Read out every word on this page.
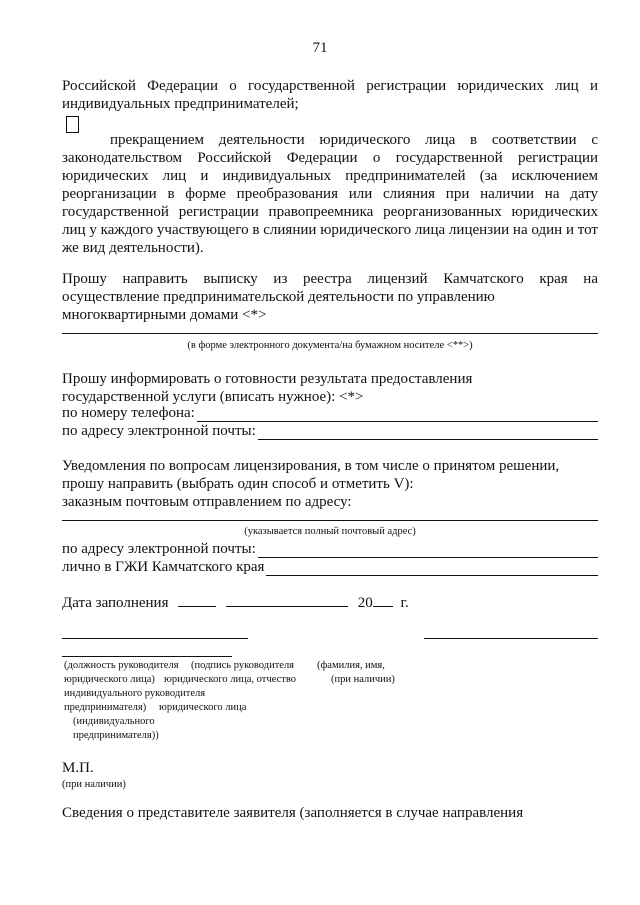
71
Российской Федерации о государственной регистрации юридических лиц и
индивидуальных предпринимателей;
прекращением деятельности юридического лица в соответствии с
законодательством Российской Федерации о государственной регистрации
юридических лиц и индивидуальных предпринимателей (за исключением
реорганизации в форме преобразования или слияния при наличии на дату
государственной регистрации правопреемника реорганизованных юридических
лиц у каждого участвующего в слиянии юридического лица лицензии на один и тот
же вид деятельности).
Прошу направить выписку из реестра лицензий Камчатского края на
осуществление предпринимательской деятельности по управлению
многоквартирными домами <*>
(в форме электронного документа/на бумажном носителе <**>)
Прошу информировать о готовности результата предоставления
государственной услуги (вписать нужное): <*>
по номеру телефона:
по адресу электронной почты:
Уведомления по вопросам лицензирования, в том числе о принятом решении,
прошу направить (выбрать один способ и отметить V):
заказным почтовым отправлением по адресу:
(указывается полный почтовый адрес)
по адресу электронной почты:
лично в ГЖИ Камчатского края
Дата заполнения	20 г.
(должность руководителя
юридического лица)
индивидуального руководителя
предпринимателя)
(подпись руководителя
юридического лица, отчество
юридического лица
(индивидуального
предпринимателя))
(фамилия, имя,
(при наличии)
М.П.
(при наличии)
Сведения о представителе заявителя (заполняется в случае направления
